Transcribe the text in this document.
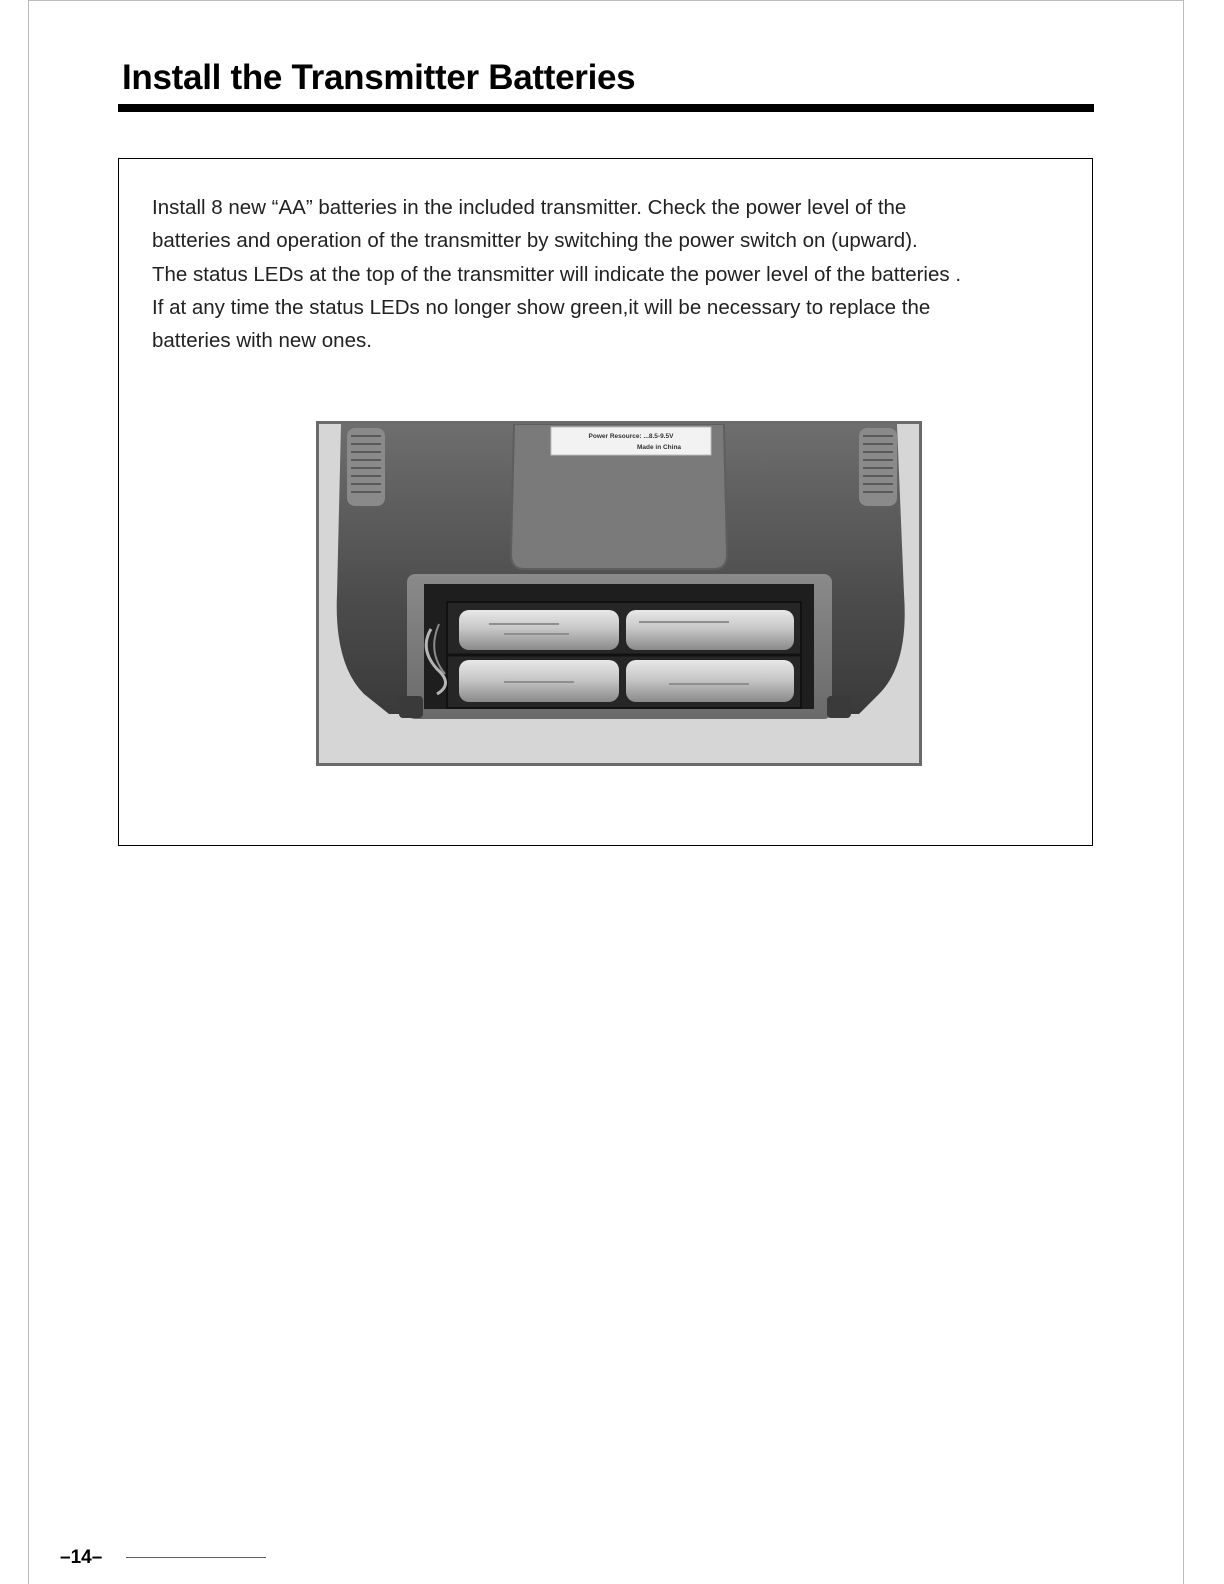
Install the Transmitter Batteries

Install 8 new “AA” batteries in the included transmitter. Check the power level of the
batteries and operation of the transmitter by switching the power switch on (upward).
The status LEDs at the top of the transmitter will indicate the power level of the batteries .
If at any time the status LEDs no longer show green,it will be necessary to replace the
batteries with new ones.

Power Resource: ...8.5-9.5V
Made in China
–14–
